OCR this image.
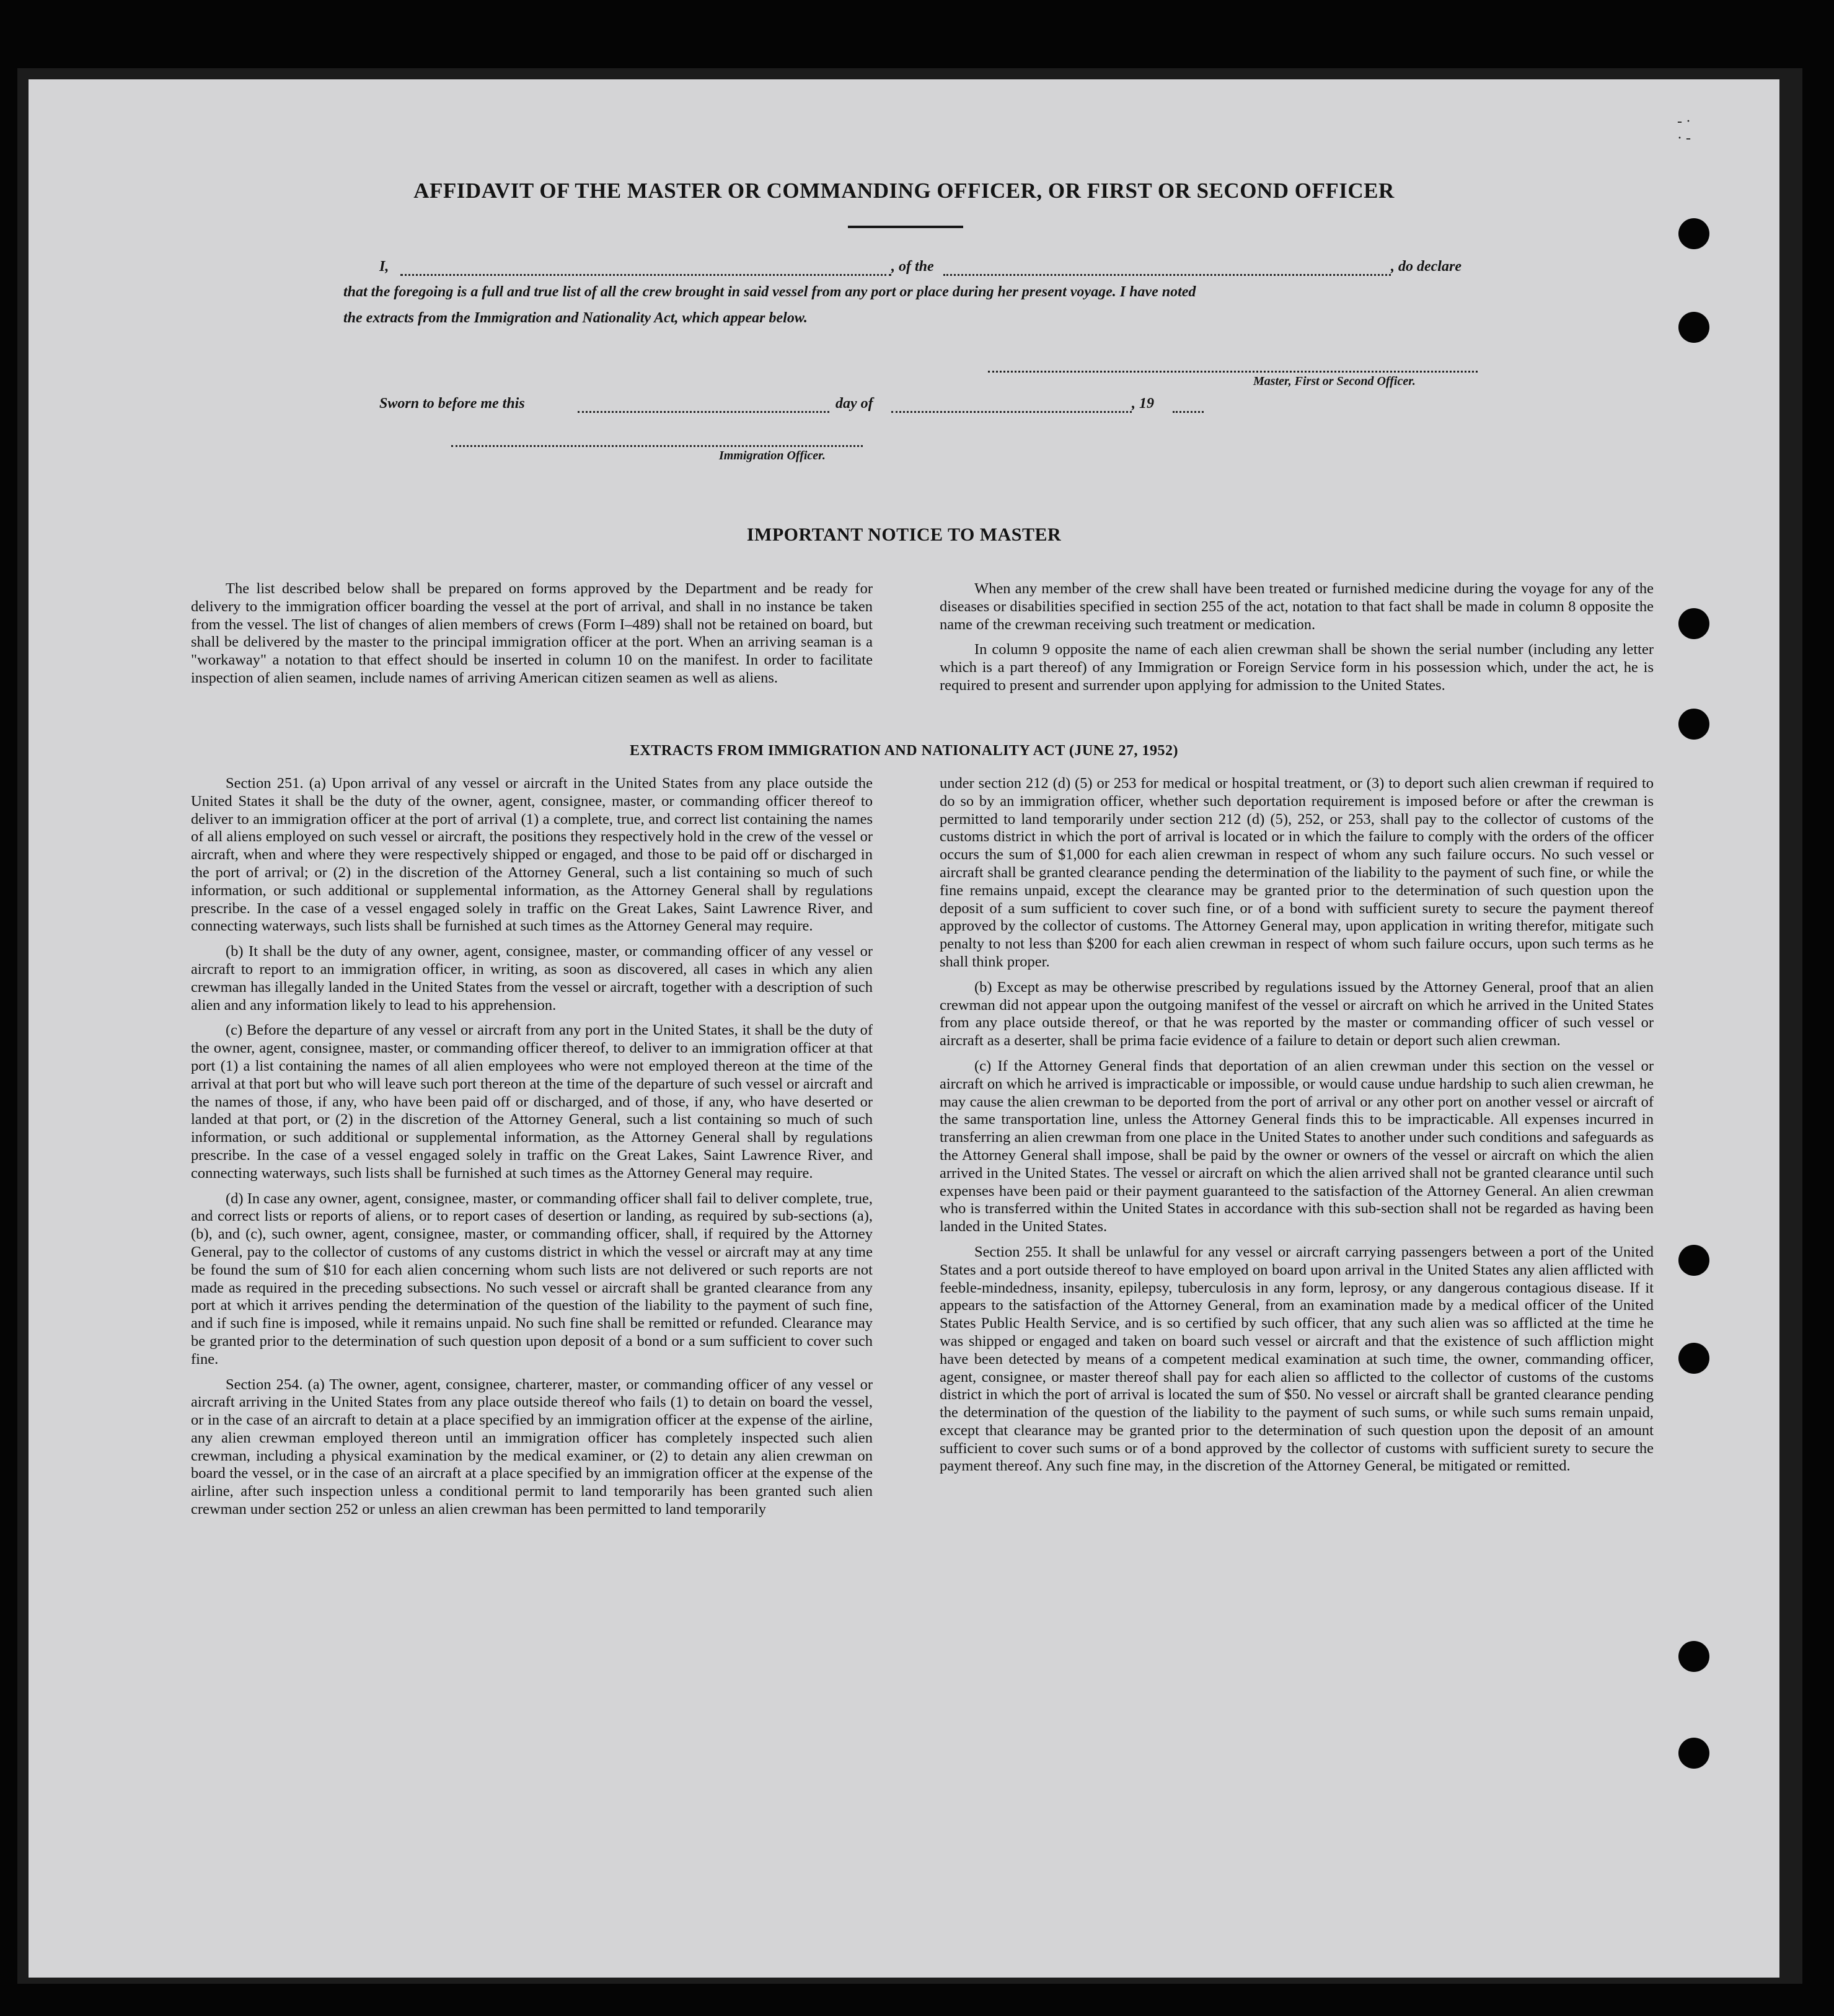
AFFIDAVIT OF THE MASTER OR COMMANDING OFFICER, OR FIRST OR SECOND OFFICER
I,	, of the	, do declare
that the foregoing is a full and true list of all the crew brought in said vessel from any port or place during her present voyage. I have noted
the extracts from the Immigration and Nationality Act, which appear below.
Master, First or Second Officer.
Sworn to before me this	day of	, 19
Immigration Officer.
IMPORTANT NOTICE TO MASTER

The list described below shall be prepared on forms approved by the Department and be ready for delivery to the immigration officer boarding the vessel at the port of arrival, and shall in no instance be taken from the vessel. The list of changes of alien members of crews (Form I–489) shall not be retained on board, but shall be delivered by the master to the principal immigration officer at the port. When an arriving seaman is a "workaway" a notation to that effect should be inserted in column 10 on the manifest. In order to facilitate inspection of alien seamen, include names of arriving American citizen seamen as well as aliens.

When any member of the crew shall have been treated or furnished medicine during the voyage for any of the diseases or disabilities specified in section 255 of the act, notation to that fact shall be made in column 8 opposite the name of the crewman receiving such treatment or medication.

In column 9 opposite the name of each alien crewman shall be shown the serial number (including any letter which is a part thereof) of any Immigration or Foreign Service form in his possession which, under the act, he is required to present and surrender upon applying for admission to the United States.

EXTRACTS FROM IMMIGRATION AND NATIONALITY ACT (JUNE 27, 1952)

Section 251. (a) Upon arrival of any vessel or aircraft in the United States from any place outside the United States it shall be the duty of the owner, agent, consignee, master, or commanding officer thereof to deliver to an immigration officer at the port of arrival (1) a complete, true, and correct list containing the names of all aliens employed on such vessel or aircraft, the positions they respectively hold in the crew of the vessel or aircraft, when and where they were respectively shipped or engaged, and those to be paid off or discharged in the port of arrival; or (2) in the discretion of the Attorney General, such a list containing so much of such information, or such additional or supplemental information, as the Attorney General shall by regulations prescribe. In the case of a vessel engaged solely in traffic on the Great Lakes, Saint Lawrence River, and connecting waterways, such lists shall be furnished at such times as the Attorney General may require.

(b) It shall be the duty of any owner, agent, consignee, master, or commanding officer of any vessel or aircraft to report to an immigration officer, in writing, as soon as discovered, all cases in which any alien crewman has illegally landed in the United States from the vessel or aircraft, together with a description of such alien and any information likely to lead to his apprehension.

(c) Before the departure of any vessel or aircraft from any port in the United States, it shall be the duty of the owner, agent, consignee, master, or commanding officer thereof, to deliver to an immigration officer at that port (1) a list containing the names of all alien employees who were not employed thereon at the time of the arrival at that port but who will leave such port thereon at the time of the departure of such vessel or aircraft and the names of those, if any, who have been paid off or discharged, and of those, if any, who have deserted or landed at that port, or (2) in the discretion of the Attorney General, such a list containing so much of such information, or such additional or supplemental information, as the Attorney General shall by regulations prescribe. In the case of a vessel engaged solely in traffic on the Great Lakes, Saint Lawrence River, and connecting waterways, such lists shall be furnished at such times as the Attorney General may require.

(d) In case any owner, agent, consignee, master, or commanding officer shall fail to deliver complete, true, and correct lists or reports of aliens, or to report cases of desertion or landing, as required by sub-sections (a), (b), and (c), such owner, agent, consignee, master, or commanding officer, shall, if required by the Attorney General, pay to the collector of customs of any customs district in which the vessel or aircraft may at any time be found the sum of $10 for each alien concerning whom such lists are not delivered or such reports are not made as required in the preceding subsections. No such vessel or aircraft shall be granted clearance from any port at which it arrives pending the determination of the question of the liability to the payment of such fine, and if such fine is imposed, while it remains unpaid. No such fine shall be remitted or refunded. Clearance may be granted prior to the determination of such question upon deposit of a bond or a sum sufficient to cover such fine.

Section 254. (a) The owner, agent, consignee, charterer, master, or commanding officer of any vessel or aircraft arriving in the United States from any place outside thereof who fails (1) to detain on board the vessel, or in the case of an aircraft to detain at a place specified by an immigration officer at the expense of the airline, any alien crewman employed thereon until an immigration officer has completely inspected such alien crewman, including a physical examination by the medical examiner, or (2) to detain any alien crewman on board the vessel, or in the case of an aircraft at a place specified by an immigration officer at the expense of the airline, after such inspection unless a conditional permit to land temporarily has been granted such alien crewman under section 252 or unless an alien crewman has been permitted to land temporarily

under section 212 (d) (5) or 253 for medical or hospital treatment, or (3) to deport such alien crewman if required to do so by an immigration officer, whether such deportation requirement is imposed before or after the crewman is permitted to land temporarily under section 212 (d) (5), 252, or 253, shall pay to the collector of customs of the customs district in which the port of arrival is located or in which the failure to comply with the orders of the officer occurs the sum of $1,000 for each alien crewman in respect of whom any such failure occurs. No such vessel or aircraft shall be granted clearance pending the determination of the liability to the payment of such fine, or while the fine remains unpaid, except the clearance may be granted prior to the determination of such question upon the deposit of a sum sufficient to cover such fine, or of a bond with sufficient surety to secure the payment thereof approved by the collector of customs. The Attorney General may, upon application in writing therefor, mitigate such penalty to not less than $200 for each alien crewman in respect of whom such failure occurs, upon such terms as he shall think proper.

(b) Except as may be otherwise prescribed by regulations issued by the Attorney General, proof that an alien crewman did not appear upon the outgoing manifest of the vessel or aircraft on which he arrived in the United States from any place outside thereof, or that he was reported by the master or commanding officer of such vessel or aircraft as a deserter, shall be prima facie evidence of a failure to detain or deport such alien crewman.

(c) If the Attorney General finds that deportation of an alien crewman under this section on the vessel or aircraft on which he arrived is impracticable or impossible, or would cause undue hardship to such alien crewman, he may cause the alien crewman to be deported from the port of arrival or any other port on another vessel or aircraft of the same transportation line, unless the Attorney General finds this to be impracticable. All expenses incurred in transferring an alien crewman from one place in the United States to another under such conditions and safeguards as the Attorney General shall impose, shall be paid by the owner or owners of the vessel or aircraft on which the alien arrived in the United States. The vessel or aircraft on which the alien arrived shall not be granted clearance until such expenses have been paid or their payment guaranteed to the satisfaction of the Attorney General. An alien crewman who is transferred within the United States in accordance with this sub-section shall not be regarded as having been landed in the United States.

Section 255. It shall be unlawful for any vessel or aircraft carrying passengers between a port of the United States and a port outside thereof to have employed on board upon arrival in the United States any alien afflicted with feeble-mindedness, insanity, epilepsy, tuberculosis in any form, leprosy, or any dangerous contagious disease. If it appears to the satisfaction of the Attorney General, from an examination made by a medical officer of the United States Public Health Service, and is so certified by such officer, that any such alien was so afflicted at the time he was shipped or engaged and taken on board such vessel or aircraft and that the existence of such affliction might have been detected by means of a competent medical examination at such time, the owner, commanding officer, agent, consignee, or master thereof shall pay for each alien so afflicted to the collector of customs of the customs district in which the port of arrival is located the sum of $50. No vessel or aircraft shall be granted clearance pending the determination of the question of the liability to the payment of such sums, or while such sums remain unpaid, except that clearance may be granted prior to the determination of such question upon the deposit of an amount sufficient to cover such sums or of a bond approved by the collector of customs with sufficient surety to secure the payment thereof. Any such fine may, in the discretion of the Attorney General, be mitigated or remitted.

- ·
· -
